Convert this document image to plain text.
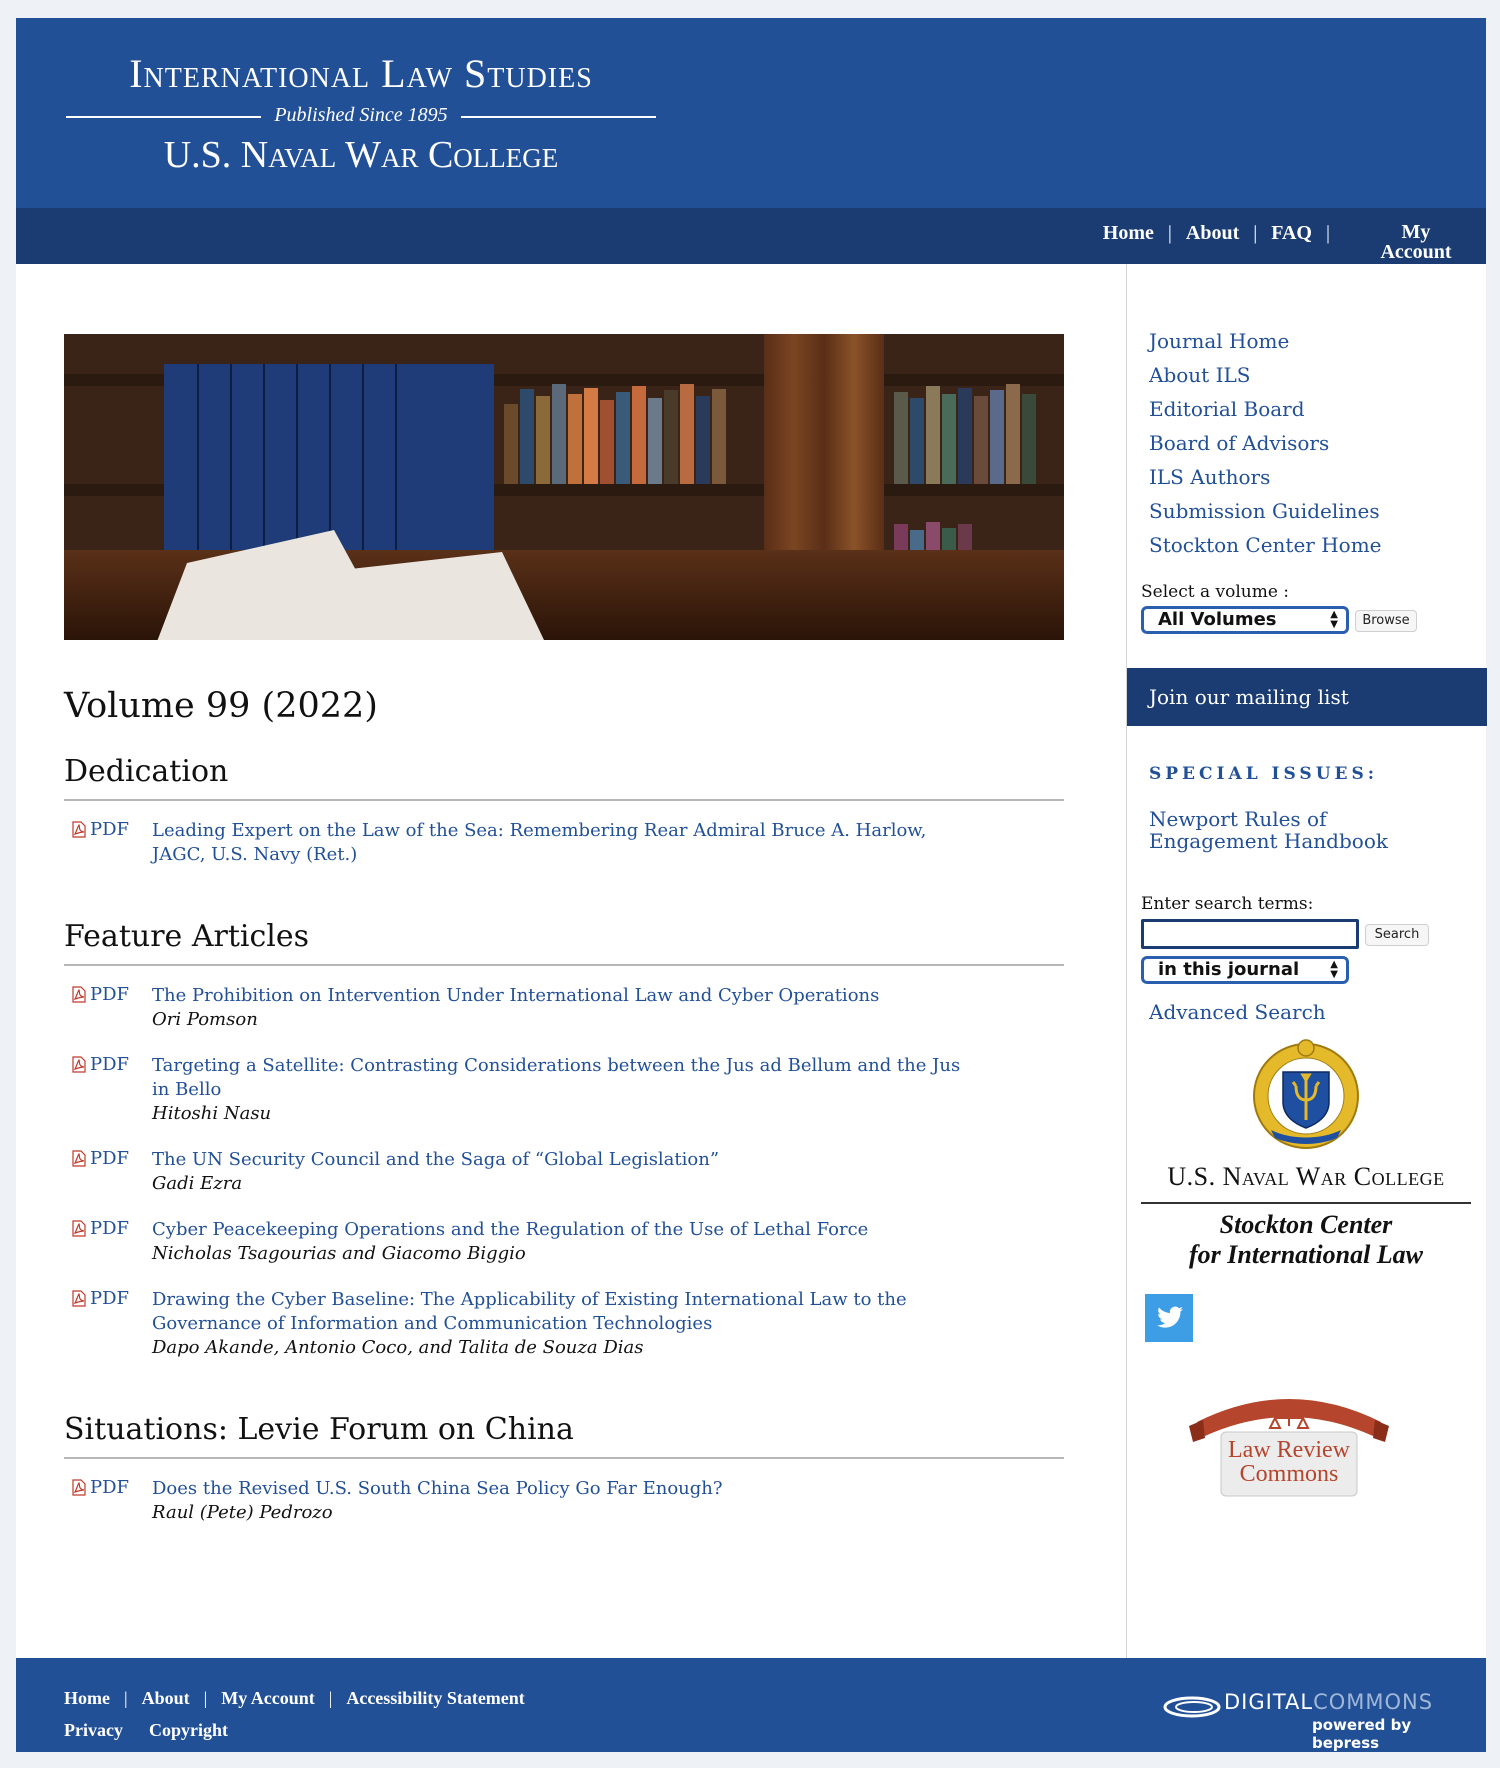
International Law Studies
Published Since 1895
U.S. Naval War College
Home | About | FAQ |	My
Account
Volume 99 (2022)
Dedication
PDF Leading Expert on the Law of the Sea: Remembering Rear Admiral Bruce A. Harlow, JAGC, U.S. Navy (Ret.)
Feature Articles
PDF The Prohibition on Intervention Under International Law and Cyber Operations
Ori Pomson
PDF Targeting a Satellite: Contrasting Considerations between the Jus ad Bellum and the Jus in Bello
Hitoshi Nasu
PDF The UN Security Council and the Saga of “Global Legislation”
Gadi Ezra
PDF Cyber Peacekeeping Operations and the Regulation of the Use of Lethal Force
Nicholas Tsagourias and Giacomo Biggio
PDF Drawing the Cyber Baseline: The Applicability of Existing International Law to the Governance of Information and Communication Technologies
Dapo Akande, Antonio Coco, and Talita de Souza Dias
Situations: Levie Forum on China
PDF Does the Revised U.S. South China Sea Policy Go Far Enough?
Raul (Pete) Pedrozo
Journal Home
About ILS
Editorial Board
Board of Advisors
ILS Authors
Submission Guidelines
Stockton Center Home
Select a volume :
All Volumes	▲
▼	Browse
Join our mailing list
SPECIAL ISSUES:
Newport Rules of Engagement Handbook
Enter search terms:
Search
in this journal	▲
▼
Advanced Search
U.S. Naval War College
Stockton Center
for International Law
FEATURED IN
Law Review
Commons
Home | About | My Account | Accessibility Statement
Privacy Copyright
DIGITALCOMMONS
powered by bepress
